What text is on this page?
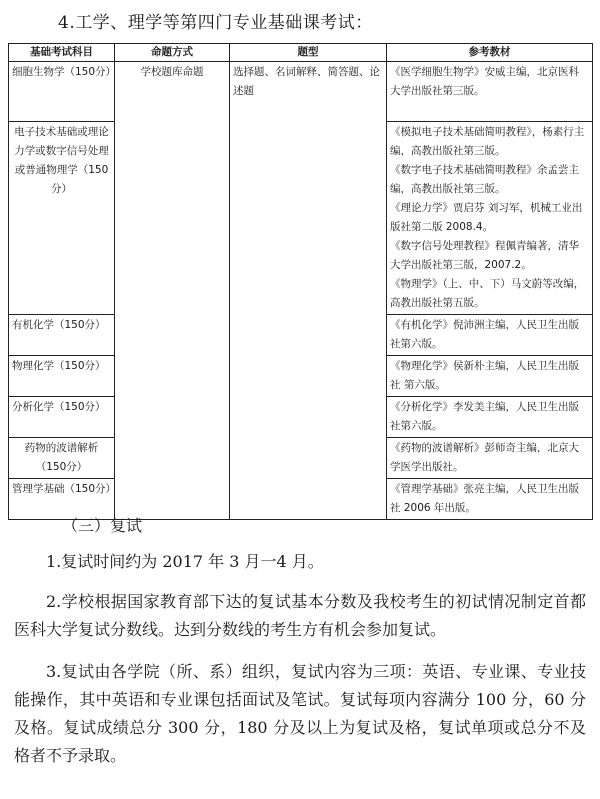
4.工学、理学等第四门专业基础课考试：
基础考试科目	命题方式	题型	参考教材
细胞生物学（150分）	学校题库命题	选择题、名词解释、简答题、论述题	《医学细胞生物学》安威主编，北京医科大学出版社第三版。

电子技术基础或理论力学或数字信号处理或普通物理学（150分）			《模拟电子技术基础简明教程》，杨素行主编，高教出版社第三版。
《数字电子技术基础简明教程》余孟尝主编，高教出版社第三版。
《理论力学》贾启芬 刘习军，机械工业出版社第二版 2008.4。
《数字信号处理教程》程佩青编著，清华大学出版社第三版，2007.2。
《物理学》（上、中、下）马文蔚等改编，高教出版社第五版。

有机化学（150分）			《有机化学》倪沛洲主编，人民卫生出版社第六版。

物理化学（150分）			《物理化学》侯新朴主编，人民卫生出版社 第六版。

分析化学（150分）			《分析化学》李发美主编，人民卫生出版社第六版。

药物的波谱解析（150分）			《药物的波谱解析》彭师奇主编，北京大学医学出版社。

管理学基础（150分）			《管理学基础》张亮主编，人民卫生出版社 2006 年出版。
（三）复试
1.复试时间约为 2017 年 3 月一4 月。
2.学校根据国家教育部下达的复试基本分数及我校考生的初试情况制定首都医科大学复试分数线。达到分数线的考生方有机会参加复试。
3.复试由各学院（所、系）组织，复试内容为三项：英语、专业课、专业技能操作，其中英语和专业课包括面试及笔试。复试每项内容满分 100 分，60 分及格。复试成绩总分 300 分，180 分及以上为复试及格，复试单项或总分不及格者不予录取。
